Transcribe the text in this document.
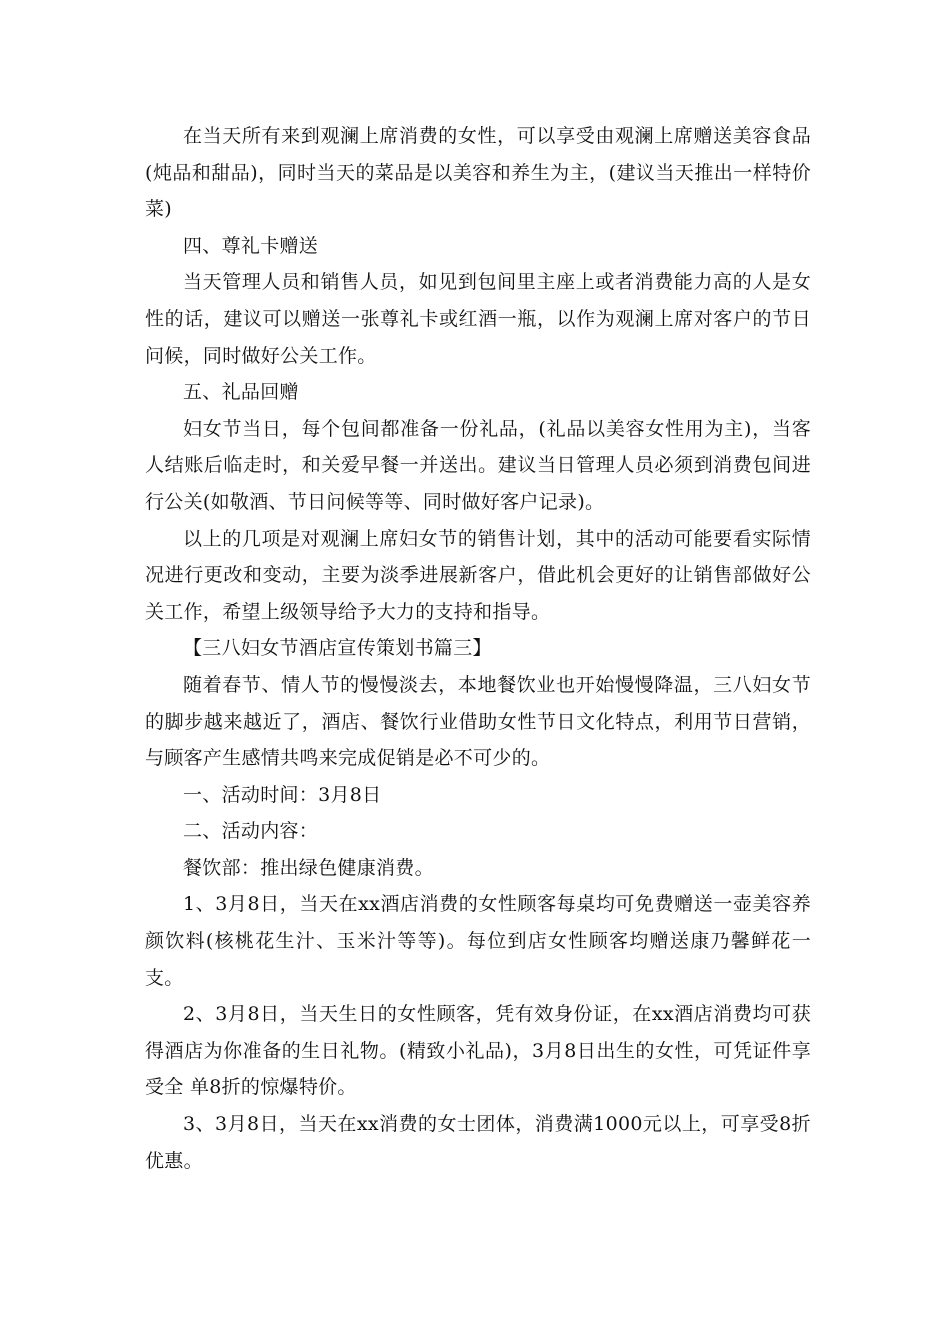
在当天所有来到观澜上席消费的女性，可以享受由观澜上席赠送美容食品(炖品和甜品)，同时当天的菜品是以美容和养生为主，(建议当天推出一样特价菜)

四、尊礼卡赠送

当天管理人员和销售人员，如见到包间里主座上或者消费能力高的人是女性的话，建议可以赠送一张尊礼卡或红酒一瓶，以作为观澜上席对客户的节日问候，同时做好公关工作。

五、礼品回赠

妇女节当日，每个包间都准备一份礼品，(礼品以美容女性用为主)，当客人结账后临走时，和关爱早餐一并送出。建议当日管理人员必须到消费包间进行公关(如敬酒、节日问候等等、同时做好客户记录)。

以上的几项是对观澜上席妇女节的销售计划，其中的活动可能要看实际情况进行更改和变动，主要为淡季进展新客户，借此机会更好的让销售部做好公关工作，希望上级领导给予大力的支持和指导。

【三八妇女节酒店宣传策划书篇三】

随着春节、情人节的慢慢淡去，本地餐饮业也开始慢慢降温，三八妇女节的脚步越来越近了，酒店、餐饮行业借助女性节日文化特点，利用节日营销，与顾客产生感情共鸣来完成促销是必不可少的。

一、活动时间：3月8日

二、活动内容：

餐饮部：推出绿色健康消费。

1、3月8日，当天在xx酒店消费的女性顾客每桌均可免费赠送一壶美容养颜饮料(核桃花生汁、玉米汁等等)。每位到店女性顾客均赠送康乃馨鲜花一支。

2、3月8日，当天生日的女性顾客，凭有效身份证，在xx酒店消费均可获得酒店为你准备的生日礼物。(精致小礼品)，3月8日出生的女性，可凭证件享受全 单8折的惊爆特价。

3、3月8日，当天在xx消费的女士团体，消费满1000元以上，可享受8折优惠。
